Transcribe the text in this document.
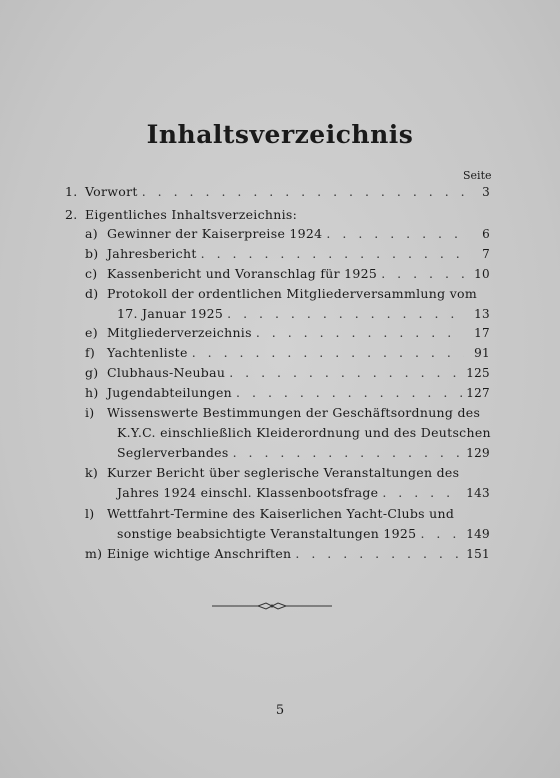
Inhaltsverzeichnis
Seite
1. Vorwort . . .	3
2. Eigentliches Inhaltsverzeichnis:
a) Gewinner der Kaiserpreise 1924 . . .	6
b) Jahresbericht . . .	7
c) Kassenbericht und Voranschlag für 1925 . . .	10
d) Protokoll der ordentlichen Mitgliederversammlung vom
17. Januar 1925 . . .	13
e) Mitgliederverzeichnis . . .	17
f) Yachtenliste . . .	91
g) Clubhaus-Neubau . . .	125
h) Jugendabteilungen . . .	127
i)	Wissenswerte Bestimmungen der Geschäftsordnung des
K.Y.C. einschließlich Kleiderordnung und des Deutschen
Seglerverbandes . . .	129
k) Kurzer Bericht über seglerische Veranstaltungen des
Jahres 1924 einschl. Klassenbootsfrage . . .	143
l)	Wettfahrt-Termine des Kaiserlichen Yacht-Clubs und
sonstige beabsichtigte Veranstaltungen 1925 . . .	149
m) Einige wichtige Anschriften . . .	151
5
